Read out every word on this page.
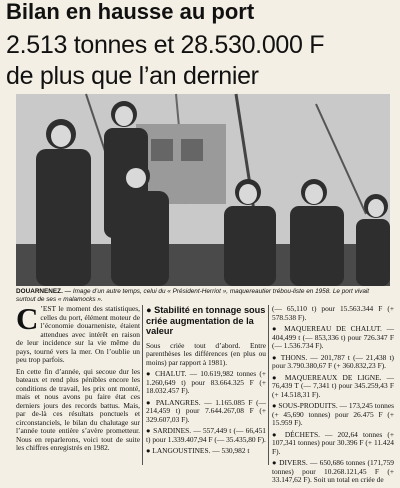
Bilan en hausse au port
2.513 tonnes et 28.530.000 F
de plus que l’an dernier
DOUARNENEZ. — Image d’un autre temps, celui du « Président-Herriot », maquereautier trébou-liste en 1958. Le port vivait surtout de ses « malamocks ».
C ’EST le moment des statistiques, celles du port, élément moteur de l’économie douarneniste, étaient attendues avec intérêt en raison de leur incidence sur la vie même du pays, tourné vers la mer. On l’oublie un peu trop parfois.

En cette fin d’année, qui secoue dur les bateaux et rend plus pénibles encore les conditions de travail, les prix ont monté, mais et nous avons pu faire état ces derniers jours des records battus. Mais, par de-là ces résultats ponctuels et circonstanciels, le bilan du chalutage sur l’année toute entière s’avère prometteur. Nous en reparlerons, voici tout de suite les chiffres enregistrés en 1982.

● Stabilité en tonnage sous criée augmentation de la valeur

Sous criée tout d’abord. Entre parenthèses les différences (en plus ou moins) par rapport à 1981).

● CHALUT. — 10.619,982 tonnes (+ 1.260,649 t) pour 83.664.325 F (+ 18.032.457 F).

● PALANGRES. — 1.165.085 F (— 214,459 t) pour 7.644.267,08 F (+ 329.607,03 F).

● SARDINES. — 557,449 t (— 66,451 t) pour 1.339.407,94 F (— 35.435,80 F).

● LANGOUSTINES. — 530,982 t

(— 65,110 t) pour 15.563.344 F (+ 578.538 F).

● MAQUEREAU DE CHALUT. — 404,499 t (— 853,336 t) pour 726.347 F (— 1.536.734 F).

● THONS. — 201,787 t (— 21,438 t) pour 3.790.380,67 F (+ 360.832,23 F).

● MAQUEREAUX DE LIGNE. — 76,439 T (— 7,341 t) pour 345.259,43 F (+ 14.518,31 F).

● SOUS-PRODUITS. — 173,245 tonnes (+ 45,690 tonnes) pour 26.475 F (+ 15.959 F).

● DÉCHETS. — 202,64 tonnes (+ 107,341 tonnes) pour 30.396 F (+ 11.424 F).

● DIVERS. — 650,686 tonnes (171,759 tonnes) pour 10.268.121,45 F (+ 33.147,62 F). Soit un total en criée de
